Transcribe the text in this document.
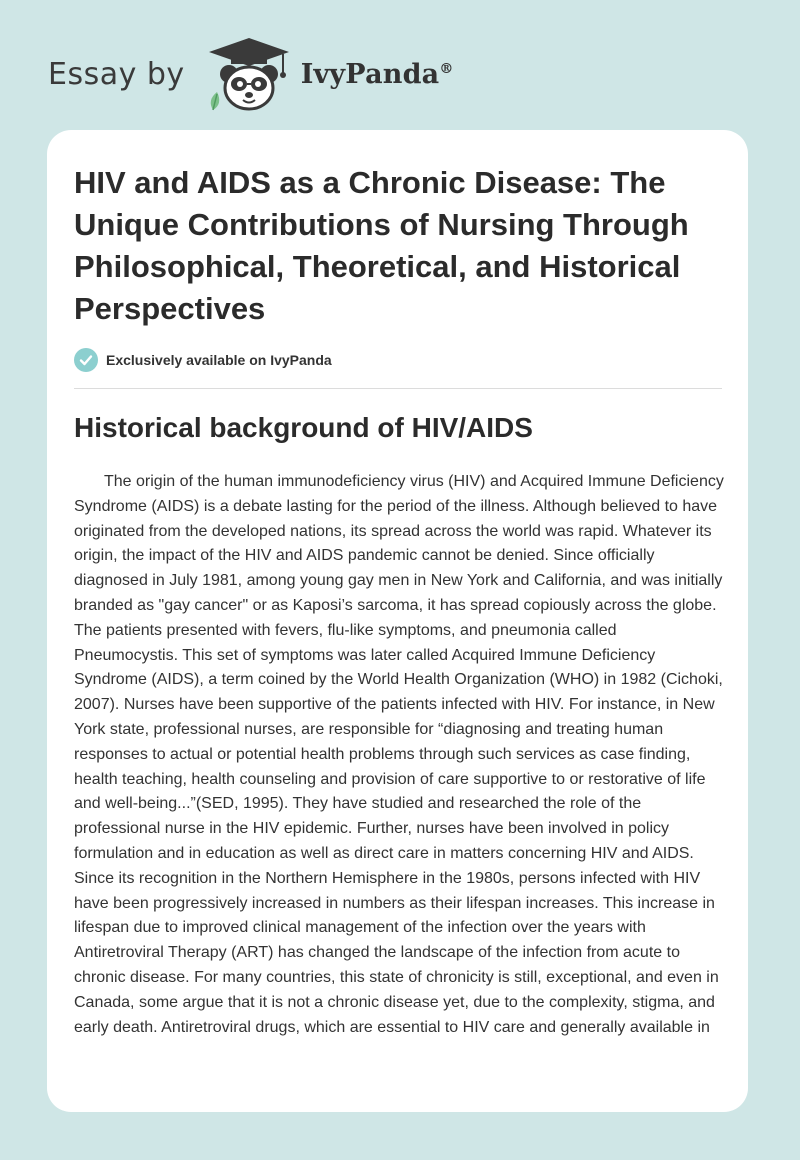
Essay by	IvyPanda®
HIV and AIDS as a Chronic Disease: The Unique Contributions of Nursing Through Philosophical, Theoretical, and Historical Perspectives
Exclusively available on IvyPanda
Historical background of HIV/AIDS

The origin of the human immunodeficiency virus (HIV) and Acquired Immune Deficiency Syndrome (AIDS) is a debate lasting for the period of the illness. Although believed to have originated from the developed nations, its spread across the world was rapid. Whatever its origin, the impact of the HIV and AIDS pandemic cannot be denied. Since officially diagnosed in July 1981, among young gay men in New York and California, and was initially branded as "gay cancer" or as Kaposi’s sarcoma, it has spread copiously across the globe. The patients presented with fevers, flu-like symptoms, and pneumonia called Pneumocystis. This set of symptoms was later called Acquired Immune Deficiency Syndrome (AIDS), a term coined by the World Health Organization (WHO) in 1982 (Cichoki, 2007). Nurses have been supportive of the patients infected with HIV. For instance, in New York state, professional nurses, are responsible for “diagnosing and treating human responses to actual or potential health problems through such services as case finding, health teaching, health counseling and provision of care supportive to or restorative of life and well-being...”(SED, 1995). They have studied and researched the role of the professional nurse in the HIV epidemic. Further, nurses have been involved in policy formulation and in education as well as direct care in matters concerning HIV and AIDS. Since its recognition in the Northern Hemisphere in the 1980s, persons infected with HIV have been progressively increased in numbers as their lifespan increases. This increase in lifespan due to improved clinical management of the infection over the years with Antiretroviral Therapy (ART) has changed the landscape of the infection from acute to chronic disease. For many countries, this state of chronicity is still, exceptional, and even in Canada, some argue that it is not a chronic disease yet, due to the complexity, stigma, and early death. Antiretroviral drugs, which are essential to HIV care and generally available in
